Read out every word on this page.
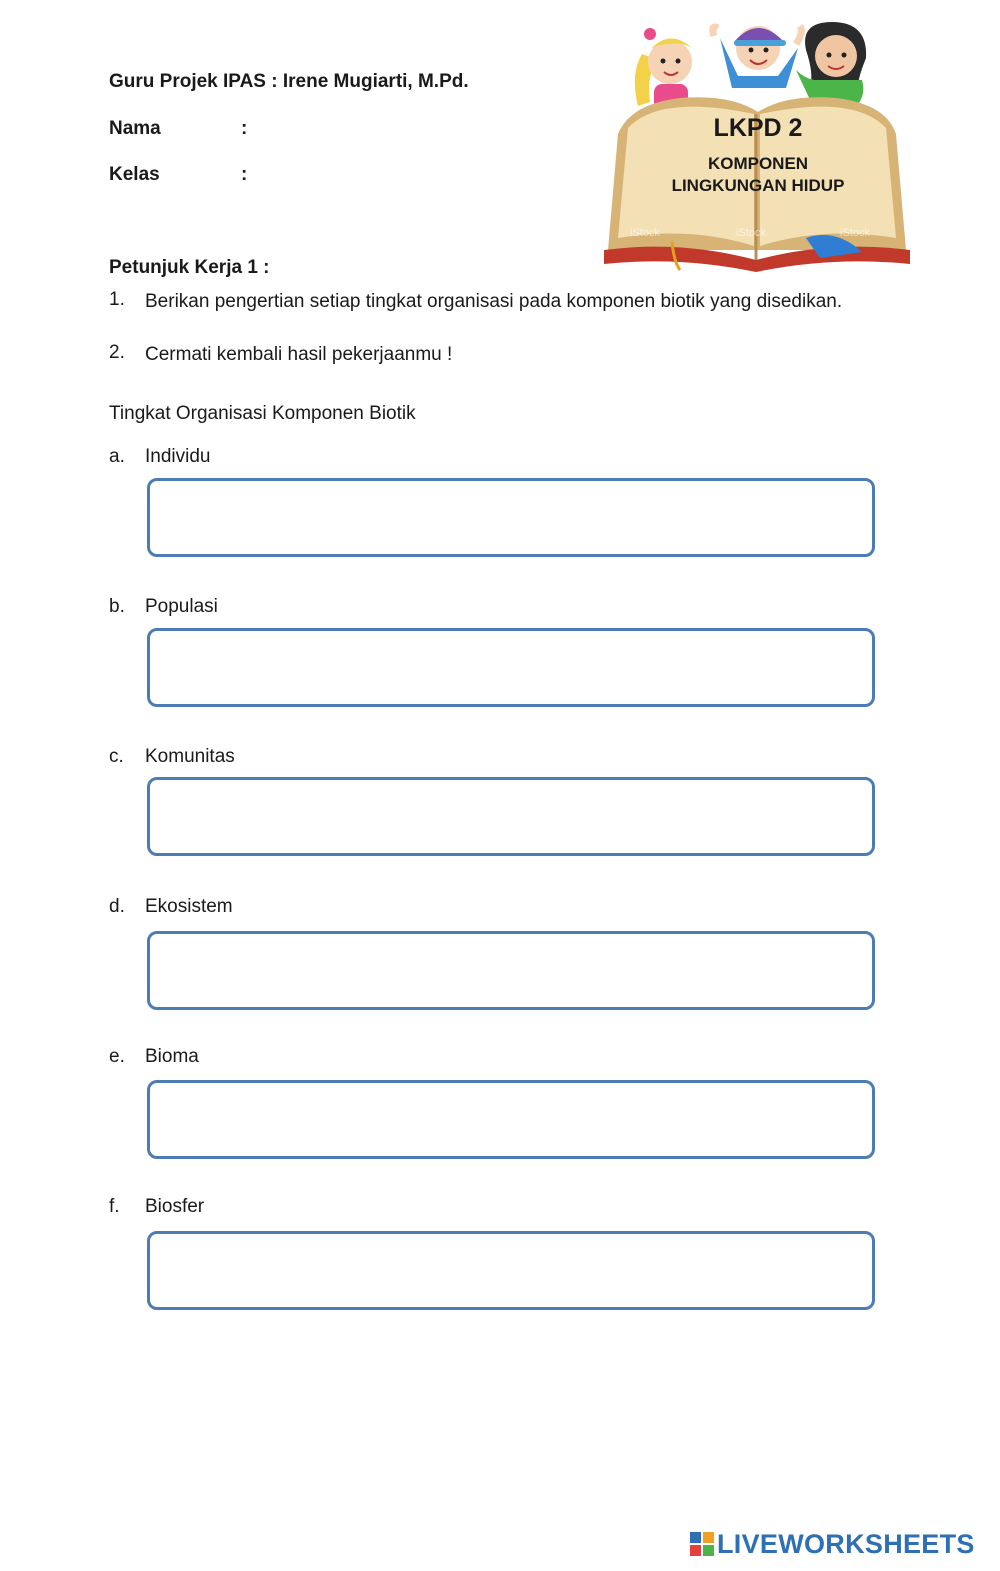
Guru Projek IPAS : Irene Mugiarti, M.Pd.
Nama	:
Kelas	:
iStock	iStock	iStock
LKPD 2
KOMPONEN
LINGKUNGAN HIDUP
Petunjuk Kerja 1 :
1.	Berikan pengertian setiap tingkat organisasi pada komponen biotik yang disedikan.
2.	Cermati kembali hasil pekerjaanmu !
Tingkat Organisasi Komponen Biotik
a.	Individu
b.	Populasi
c.	Komunitas
d.	Ekosistem
e.	Bioma
f.	Biosfer
LIVEWORKSHEETS
